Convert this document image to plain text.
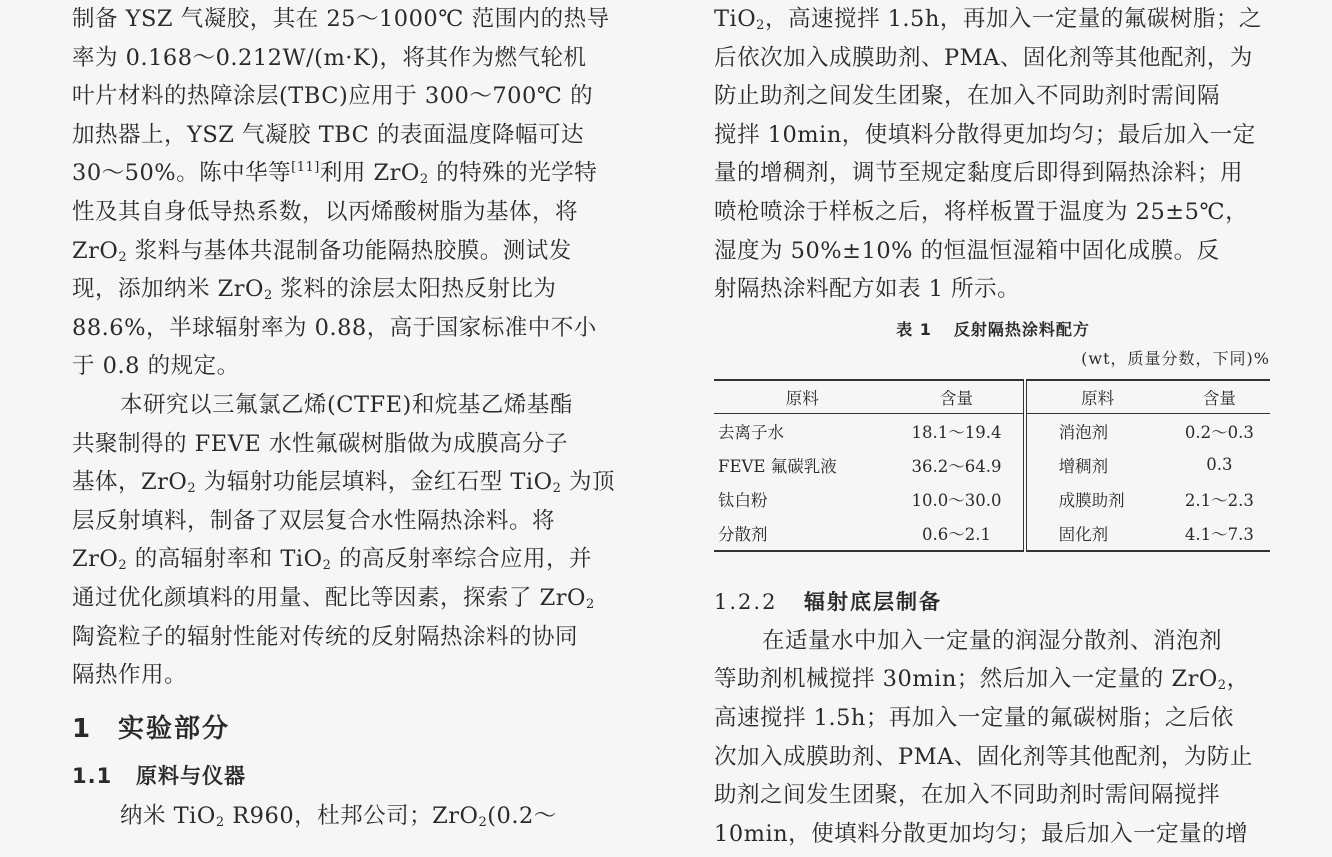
制备 YSZ 气凝胶，其在 25～1000℃ 范围内的热导
率为 0.168～0.212W/(m·K)，将其作为燃气轮机
叶片材料的热障涂层(TBC)应用于 300～700℃ 的
加热器上，YSZ 气凝胶 TBC 的表面温度降幅可达
30～50%。陈中华等[11]利用 ZrO$_2$ 的特殊的光学特
性及其自身低导热系数，以丙烯酸树脂为基体，将
ZrO$_2$ 浆料与基体共混制备功能隔热胶膜。测试发
现，添加纳米 ZrO$_2$ 浆料的涂层太阳热反射比为
88.6%，半球辐射率为 0.88，高于国家标准中不小
于 0.8 的规定。
本研究以三氟氯乙烯(CTFE)和烷基乙烯基酯
共聚制得的 FEVE 水性氟碳树脂做为成膜高分子
基体，ZrO$_2$ 为辐射功能层填料，金红石型 TiO$_2$ 为顶
层反射填料，制备了双层复合水性隔热涂料。将
ZrO$_2$ 的高辐射率和 TiO$_2$ 的高反射率综合应用，并
通过优化颜填料的用量、配比等因素，探索了 ZrO$_2$
陶瓷粒子的辐射性能对传统的反射隔热涂料的协同
隔热作用。
1 实验部分
1.1 原料与仪器
纳米 TiO$_2$ R960，杜邦公司；ZrO$_2$(0.2～
TiO$_2$，高速搅拌 1.5h，再加入一定量的氟碳树脂；之
后依次加入成膜助剂、PMA、固化剂等其他配剂，为
防止助剂之间发生团聚，在加入不同助剂时需间隔
搅拌 10min，使填料分散得更加均匀；最后加入一定
量的增稠剂，调节至规定黏度后即得到隔热涂料；用
喷枪喷涂于样板之后，将样板置于温度为 25±5℃，
湿度为 50%±10% 的恒温恒湿箱中固化成膜。反
射隔热涂料配方如表 1 所示。
表 1 反射隔热涂料配方
(wt，质量分数，下同)%
原料	含量	原料	含量
去离子水	18.1～19.4	消泡剂	0.2～0.3
FEVE 氟碳乳液	36.2～64.9	增稠剂	0.3
钛白粉	10.0～30.0	成膜助剂	2.1～2.3
分散剂	0.6～2.1	固化剂	4.1～7.3
1.2.2 辐射底层制备
在适量水中加入一定量的润湿分散剂、消泡剂
等助剂机械搅拌 30min；然后加入一定量的 ZrO$_2$，
高速搅拌 1.5h；再加入一定量的氟碳树脂；之后依
次加入成膜助剂、PMA、固化剂等其他配剂，为防止
助剂之间发生团聚，在加入不同助剂时需间隔搅拌
10min，使填料分散更加均匀；最后加入一定量的增
